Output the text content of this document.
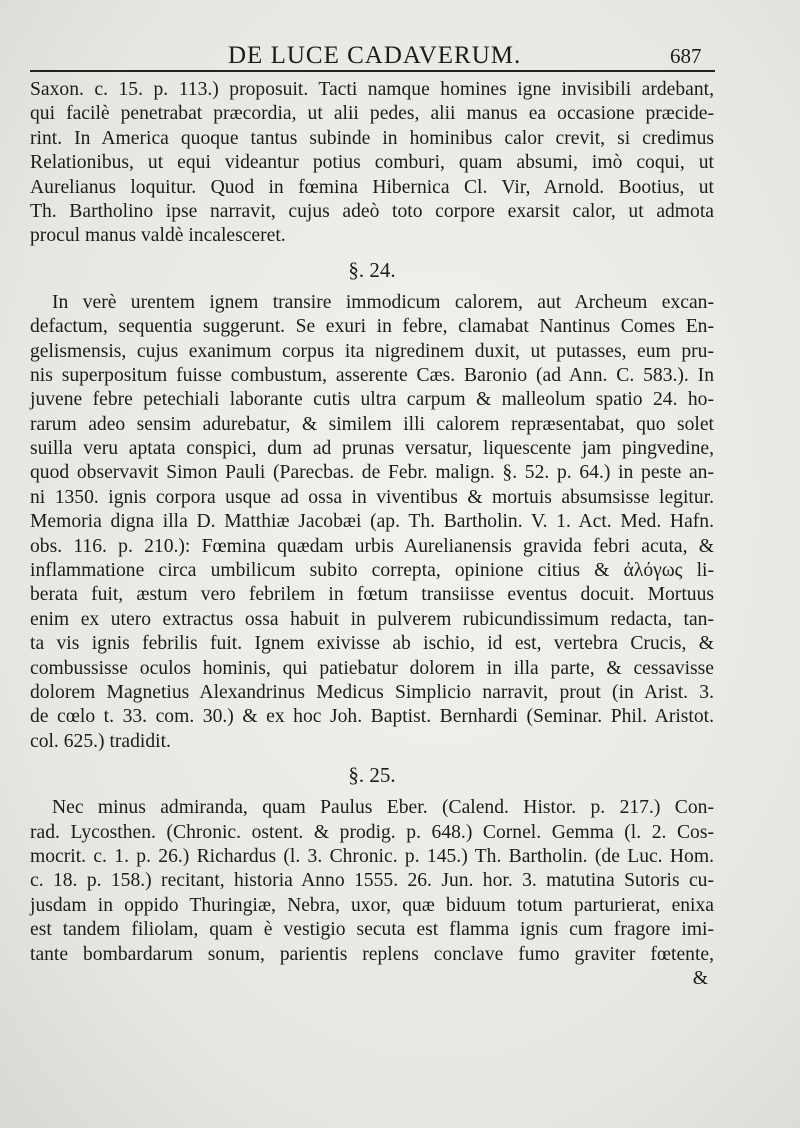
DE LUCE CADAVERUM.	687
Saxon. c. 15. p. 113.) proposuit. Tacti namque homines igne invisibili ardebant,
qui facilè penetrabat præcordia, ut alii pedes, alii manus ea occasione præcide-
rint. In America quoque tantus subinde in hominibus calor crevit, si credimus
Relationibus, ut equi videantur potius comburi, quam absumi, imò coqui, ut
Aurelianus loquitur. Quod in fœmina Hibernica Cl. Vir, Arnold. Bootius, ut
Th. Bartholino ipse narravit, cujus adeò toto corpore exarsit calor, ut admota
procul manus valdè incalesceret.
§. 24.
In verè urentem ignem transire immodicum calorem, aut Archeum excan-
defactum, sequentia suggerunt. Se exuri in febre, clamabat Nantinus Comes En-
gelismensis, cujus exanimum corpus ita nigredinem duxit, ut putasses, eum pru-
nis superpositum fuisse combustum, asserente Cæs. Baronio (ad Ann. C. 583.). In
juvene febre petechiali laborante cutis ultra carpum & malleolum spatio 24. ho-
rarum adeo sensim adurebatur, & similem illi calorem repræsentabat, quo solet
suilla veru aptata conspici, dum ad prunas versatur, liquescente jam pingvedine,
quod observavit Simon Pauli (Parecbas. de Febr. malign. §. 52. p. 64.) in peste an-
ni 1350. ignis corpora usque ad ossa in viventibus & mortuis absumsisse legitur.
Memoria digna illa D. Matthiæ Jacobæi (ap. Th. Bartholin. V. 1. Act. Med. Hafn.
obs. 116. p. 210.): Fœmina quædam urbis Aurelianensis gravida febri acuta, &
inflammatione circa umbilicum subito correpta, opinione citius & ἀλόγως li-
berata fuit, æstum vero febrilem in fœtum transiisse eventus docuit. Mortuus
enim ex utero extractus ossa habuit in pulverem rubicundissimum redacta, tan-
ta vis ignis febrilis fuit. Ignem exivisse ab ischio, id est, vertebra Crucis, &
combussisse oculos hominis, qui patiebatur dolorem in illa parte, & cessavisse
dolorem Magnetius Alexandrinus Medicus Simplicio narravit, prout (in Arist. 3.
de cœlo t. 33. com. 30.) & ex hoc Joh. Baptist. Bernhardi (Seminar. Phil. Aristot.
col. 625.) tradidit.
§. 25.
Nec minus admiranda, quam Paulus Eber. (Calend. Histor. p. 217.) Con-
rad. Lycosthen. (Chronic. ostent. & prodig. p. 648.) Cornel. Gemma (l. 2. Cos-
mocrit. c. 1. p. 26.) Richardus (l. 3. Chronic. p. 145.) Th. Bartholin. (de Luc. Hom.
c. 18. p. 158.) recitant, historia Anno 1555. 26. Jun. hor. 3. matutina Sutoris cu-
jusdam in oppido Thuringiæ, Nebra, uxor, quæ biduum totum parturierat, enixa
est tandem filiolam, quam è vestigio secuta est flamma ignis cum fragore imi-
tante bombardarum sonum, parientis replens conclave fumo graviter fœtente,
&
